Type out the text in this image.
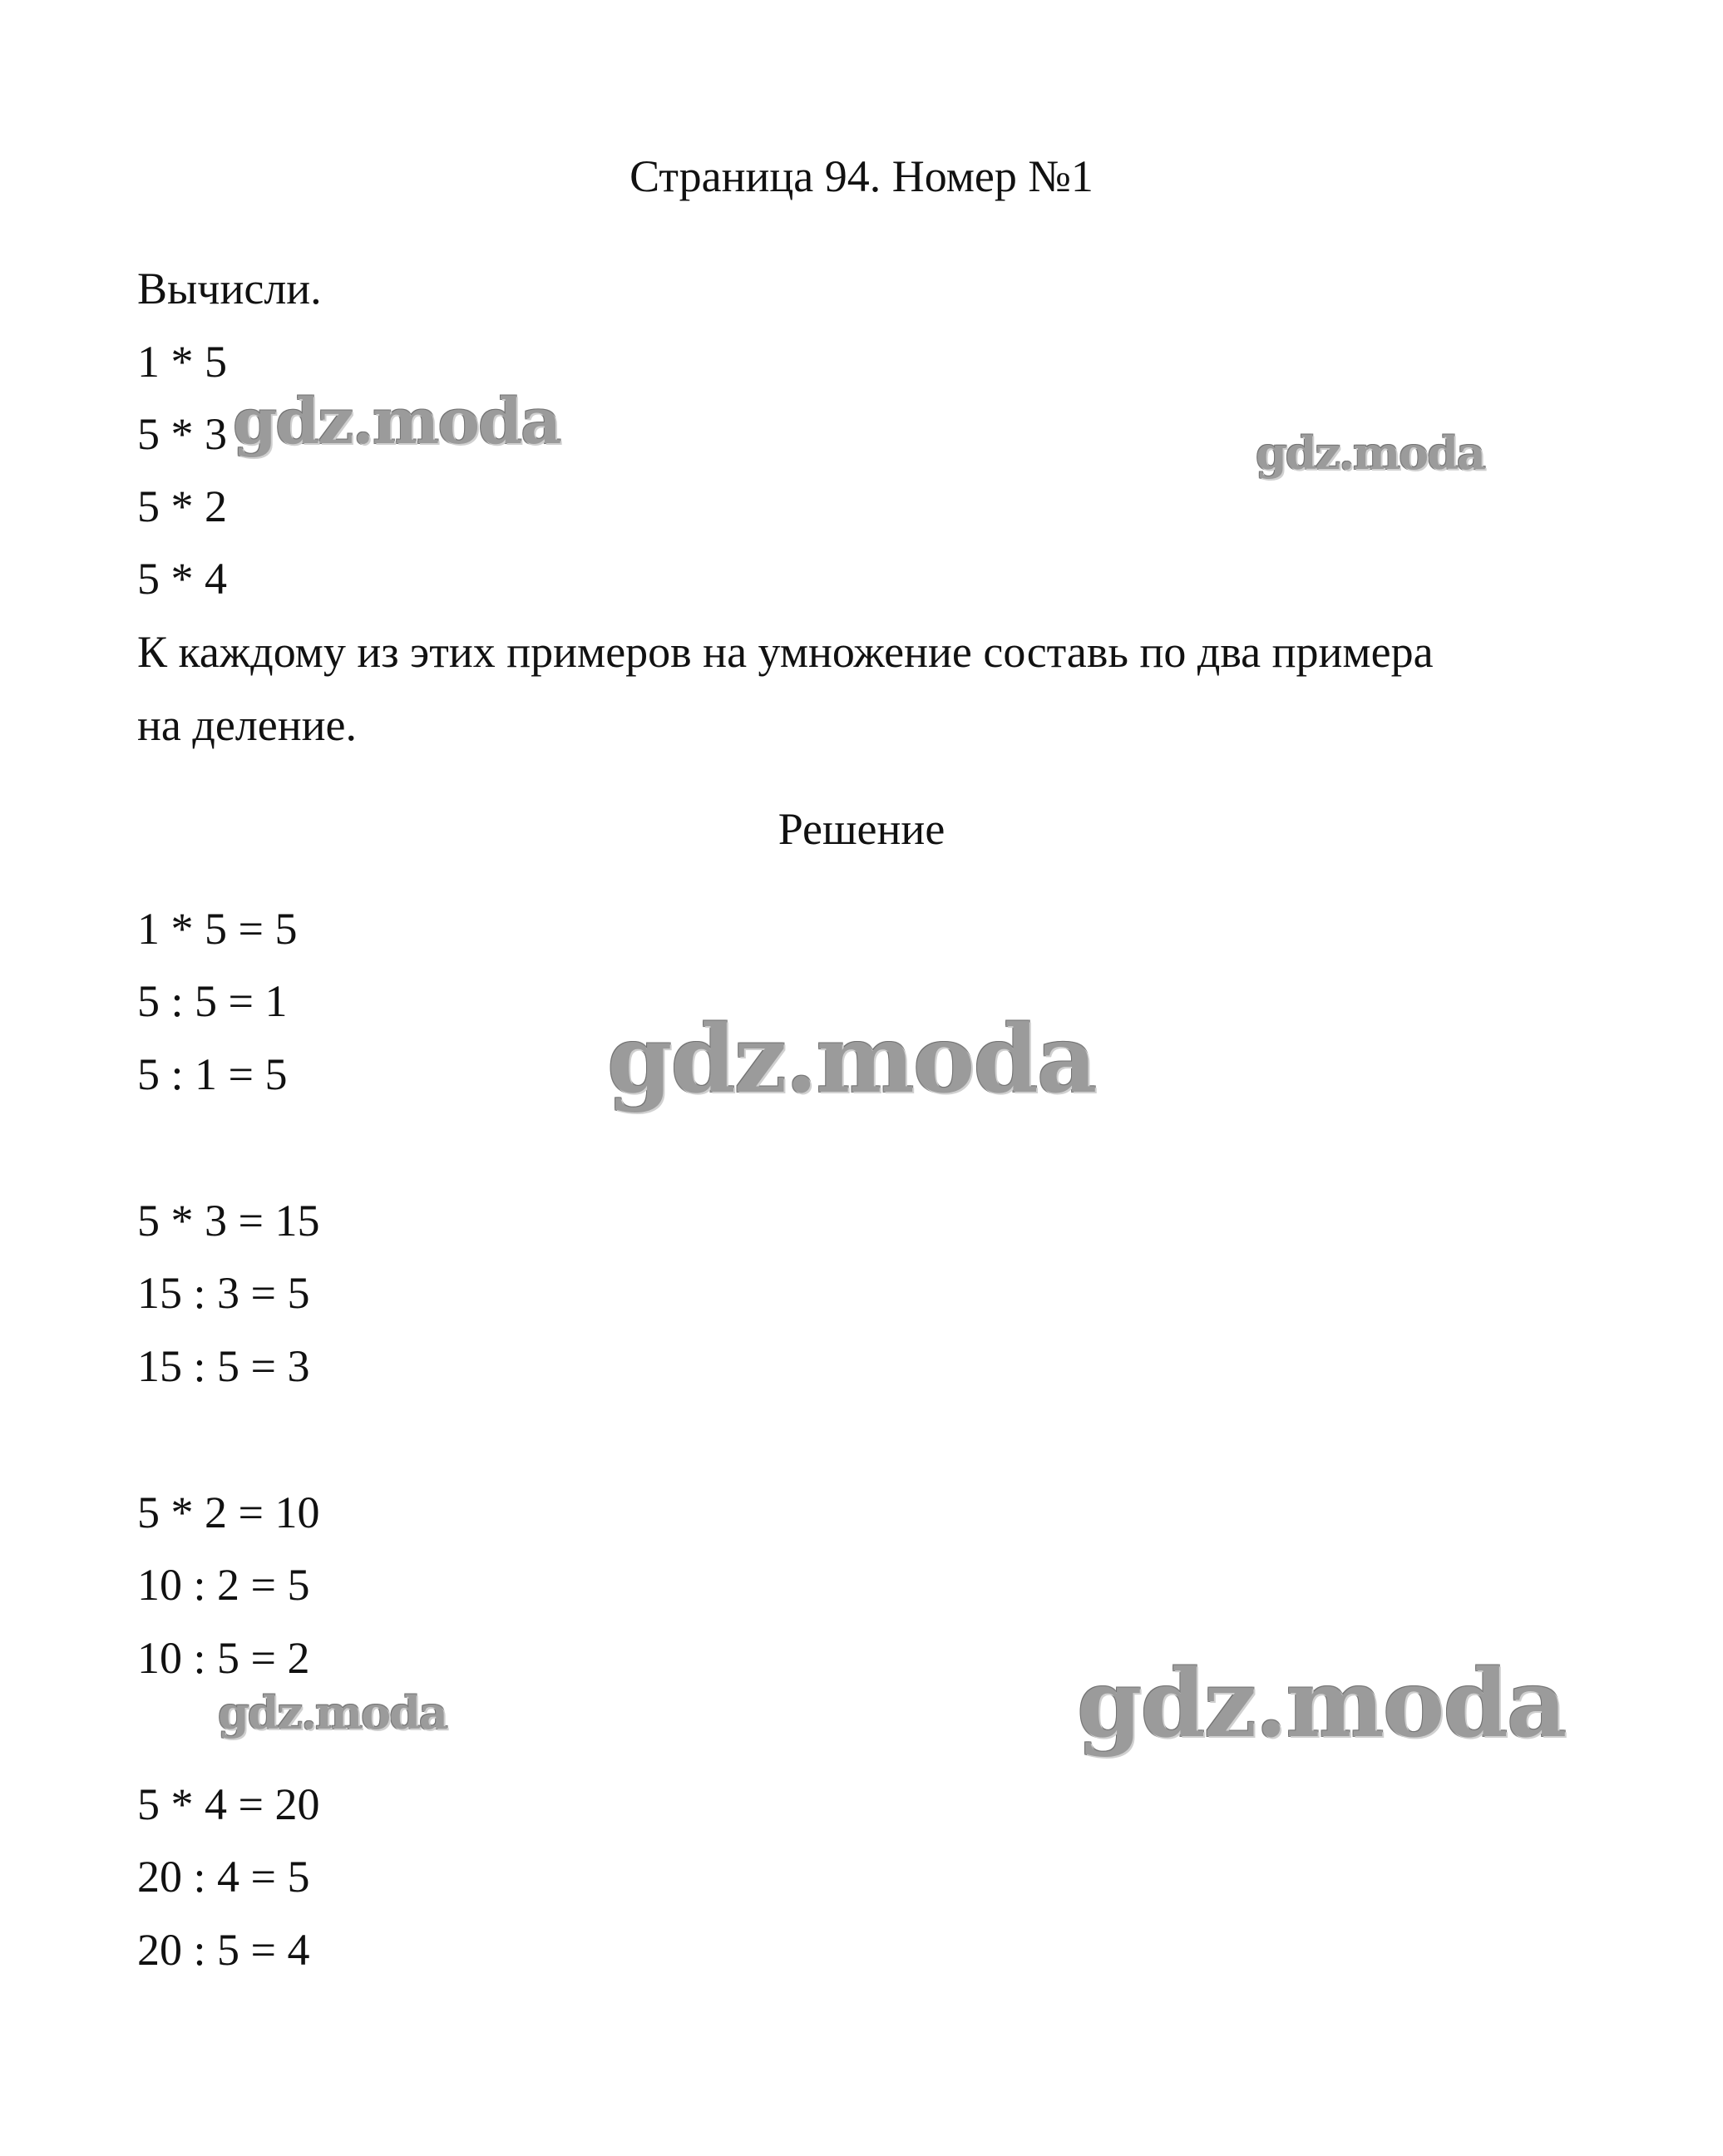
Страница 94. Номер №1
Вычисли.
1 * 5
5 * 3
5 * 2
5 * 4
К каждому из этих примеров на умножение составь по два примера
на деление.
Решение
1 * 5 = 5
5 : 5 = 1
5 : 1 = 5
5 * 3 = 15
15 : 3 = 5
15 : 5 = 3
5 * 2 = 10
10 : 2 = 5
10 : 5 = 2
5 * 4 = 20
20 : 4 = 5
20 : 5 = 4
gdz.moda	gdz.moda
gdz.moda
gdz.moda	gdz.moda
